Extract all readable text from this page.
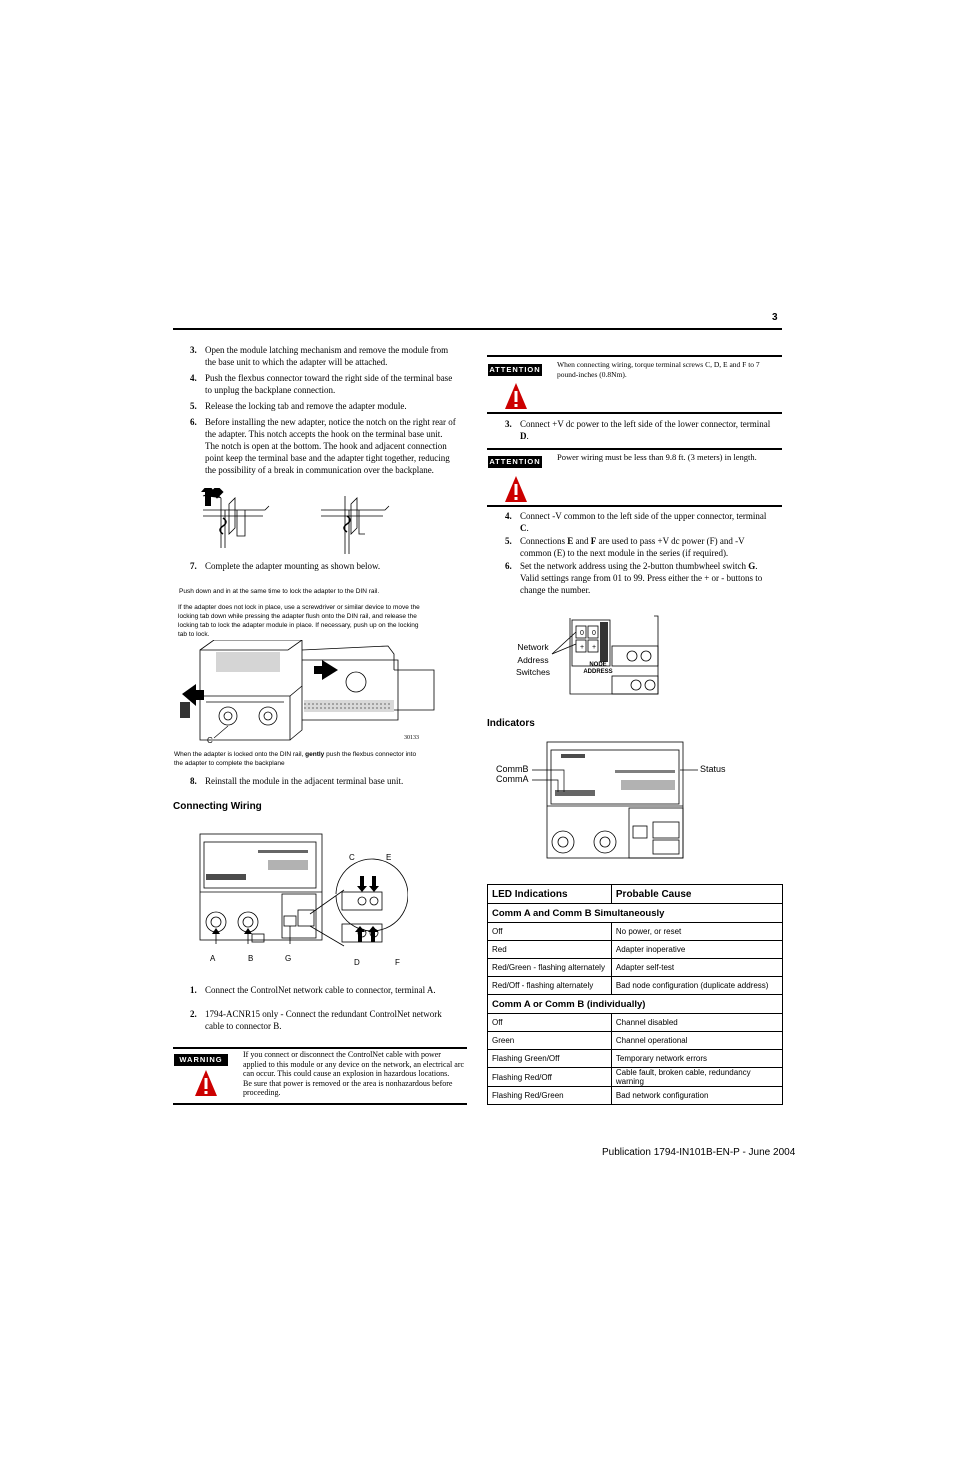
3
3. Open the module latching mechanism and remove the module from
the base unit to which the adapter will be attached.
4. Push the flexbus connector toward the right side of the terminal base
to unplug the backplane connection.
5. Release the locking tab and remove the adapter module.
6. Before installing the new adapter, notice the notch on the right rear of
the adapter. This notch accepts the hook on the terminal base unit.
The notch is open at the bottom. The hook and adjacent connection
point keep the terminal base and the adapter tight together, reducing
the possibility of a break in communication over the backplane.
7. Complete the adapter mounting as shown below.
Push down and in at the same time to lock the adapter to the DIN rail.
If the adapter does not lock in place, use a screwdriver or similar device to move the
locking tab down while pressing the adapter flush onto the DIN rail, and release the
locking tab to lock the adapter module in place. If necessary, push up on the locking
tab to lock.
C	30133
When the adapter is locked onto the DIN rail, gently push the flexbus connector into
the adapter to complete the backplane
8. Reinstall the module in the adjacent terminal base unit.
Connecting Wiring
C	E
A	B	G	D	F
1. Connect the ControlNet network cable to connector, terminal A.
2. 1794-ACNR15 only - Connect the redundant ControlNet network
cable to connector B.
WARNING
If you connect or disconnect the ControlNet cable with power
applied to this module or any device on the network, an electrical arc
can occur. This could cause an explosion in hazardous locations.
Be sure that power is removed or the area is nonhazardous before
proceeding.
ATTENTION
When connecting wiring, torque terminal screws C, D, E and F to 7
pound-inches (0.8Nm).
3. Connect +V dc power to the left side of the lower connector, terminal
D.
ATTENTION Power wiring must be less than 9.8 ft. (3 meters) in length.
4. Connect -V common to the left side of the upper connector, terminal
C.
5. Connections E and F are used to pass +V dc power (F) and -V
common (E) to the next module in the series (if required).
6. Set the network address using the 2-button thumbwheel switch G.
Valid settings range from 01 to 99. Press either the + or - buttons to
change the number.
0 0
+ +
Network
Address
Switches
NODE
ADDRESS
Indicators
CommB
CommA
Status
LED Indications	Probable Cause
Comm A and Comm B Simultaneously	
Off	No power, or reset
Red	Adapter inoperative
Red/Green - flashing alternately	Adapter self-test
Red/Off - flashing alternately	Bad node configuration (duplicate address)
Comm A or Comm B (individually)	
Off	Channel disabled
Green	Channel operational
Flashing Green/Off	Temporary network errors
Flashing Red/Off	Cable fault, broken cable, redundancy warning
Flashing Red/Green	Bad network configuration
Publication 1794-IN101B-EN-P - June 2004
